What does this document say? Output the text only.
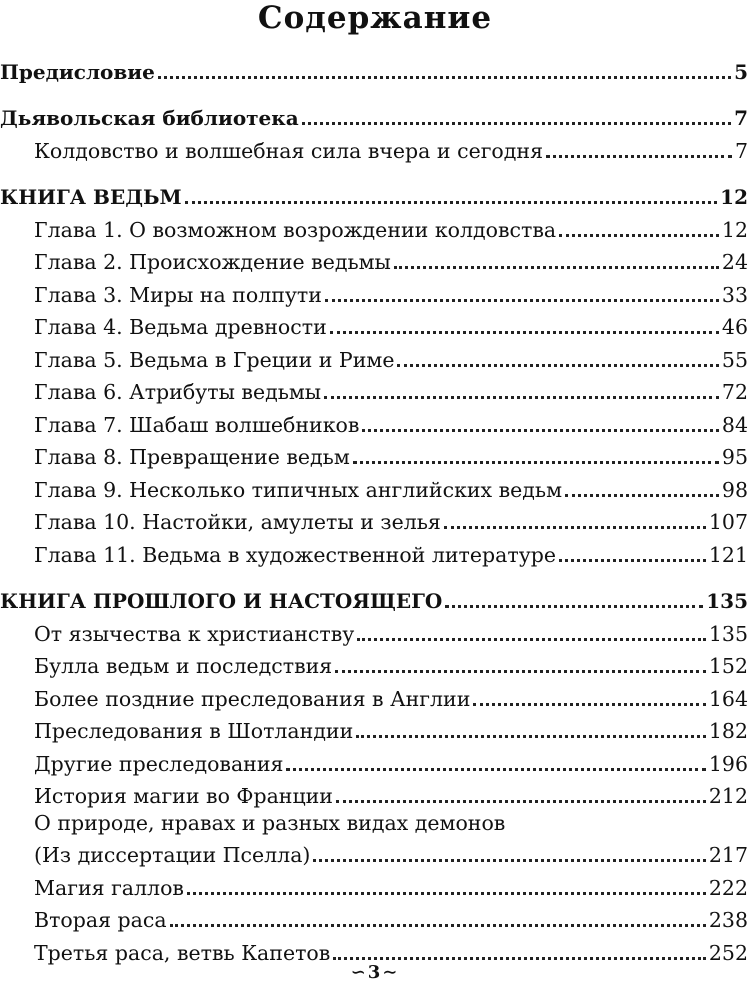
Содержание
Предисловие	5
Дьявольская библиотека	7
Колдовство и волшебная сила вчера и сегодня	7
КНИГА ВЕДЬМ	12
Глава 1. О возможном возрождении колдовства	12
Глава 2. Происхождение ведьмы	24
Глава 3. Миры на полпути	33
Глава 4. Ведьма древности	46
Глава 5. Ведьма в Греции и Риме	55
Глава 6. Атрибуты ведьмы	72
Глава 7. Шабаш волшебников	84
Глава 8. Превращение ведьм	95
Глава 9. Несколько типичных английских ведьм	98
Глава 10. Настойки, амулеты и зелья	107
Глава 11. Ведьма в художественной литературе	121
КНИГА ПРОШЛОГО И НАСТОЯЩЕГО	135
От язычества к христианству	135
Булла ведьм и последствия	152
Более поздние преследования в Англии	164
Преследования в Шотландии	182
Другие преследования	196
История магии во Франции	212
О природе, нравах и разных видах демонов
(Из диссертации Пселла)	217
Магия галлов	222
Вторая раса	238
Третья раса, ветвь Капетов	252
∽3∼
